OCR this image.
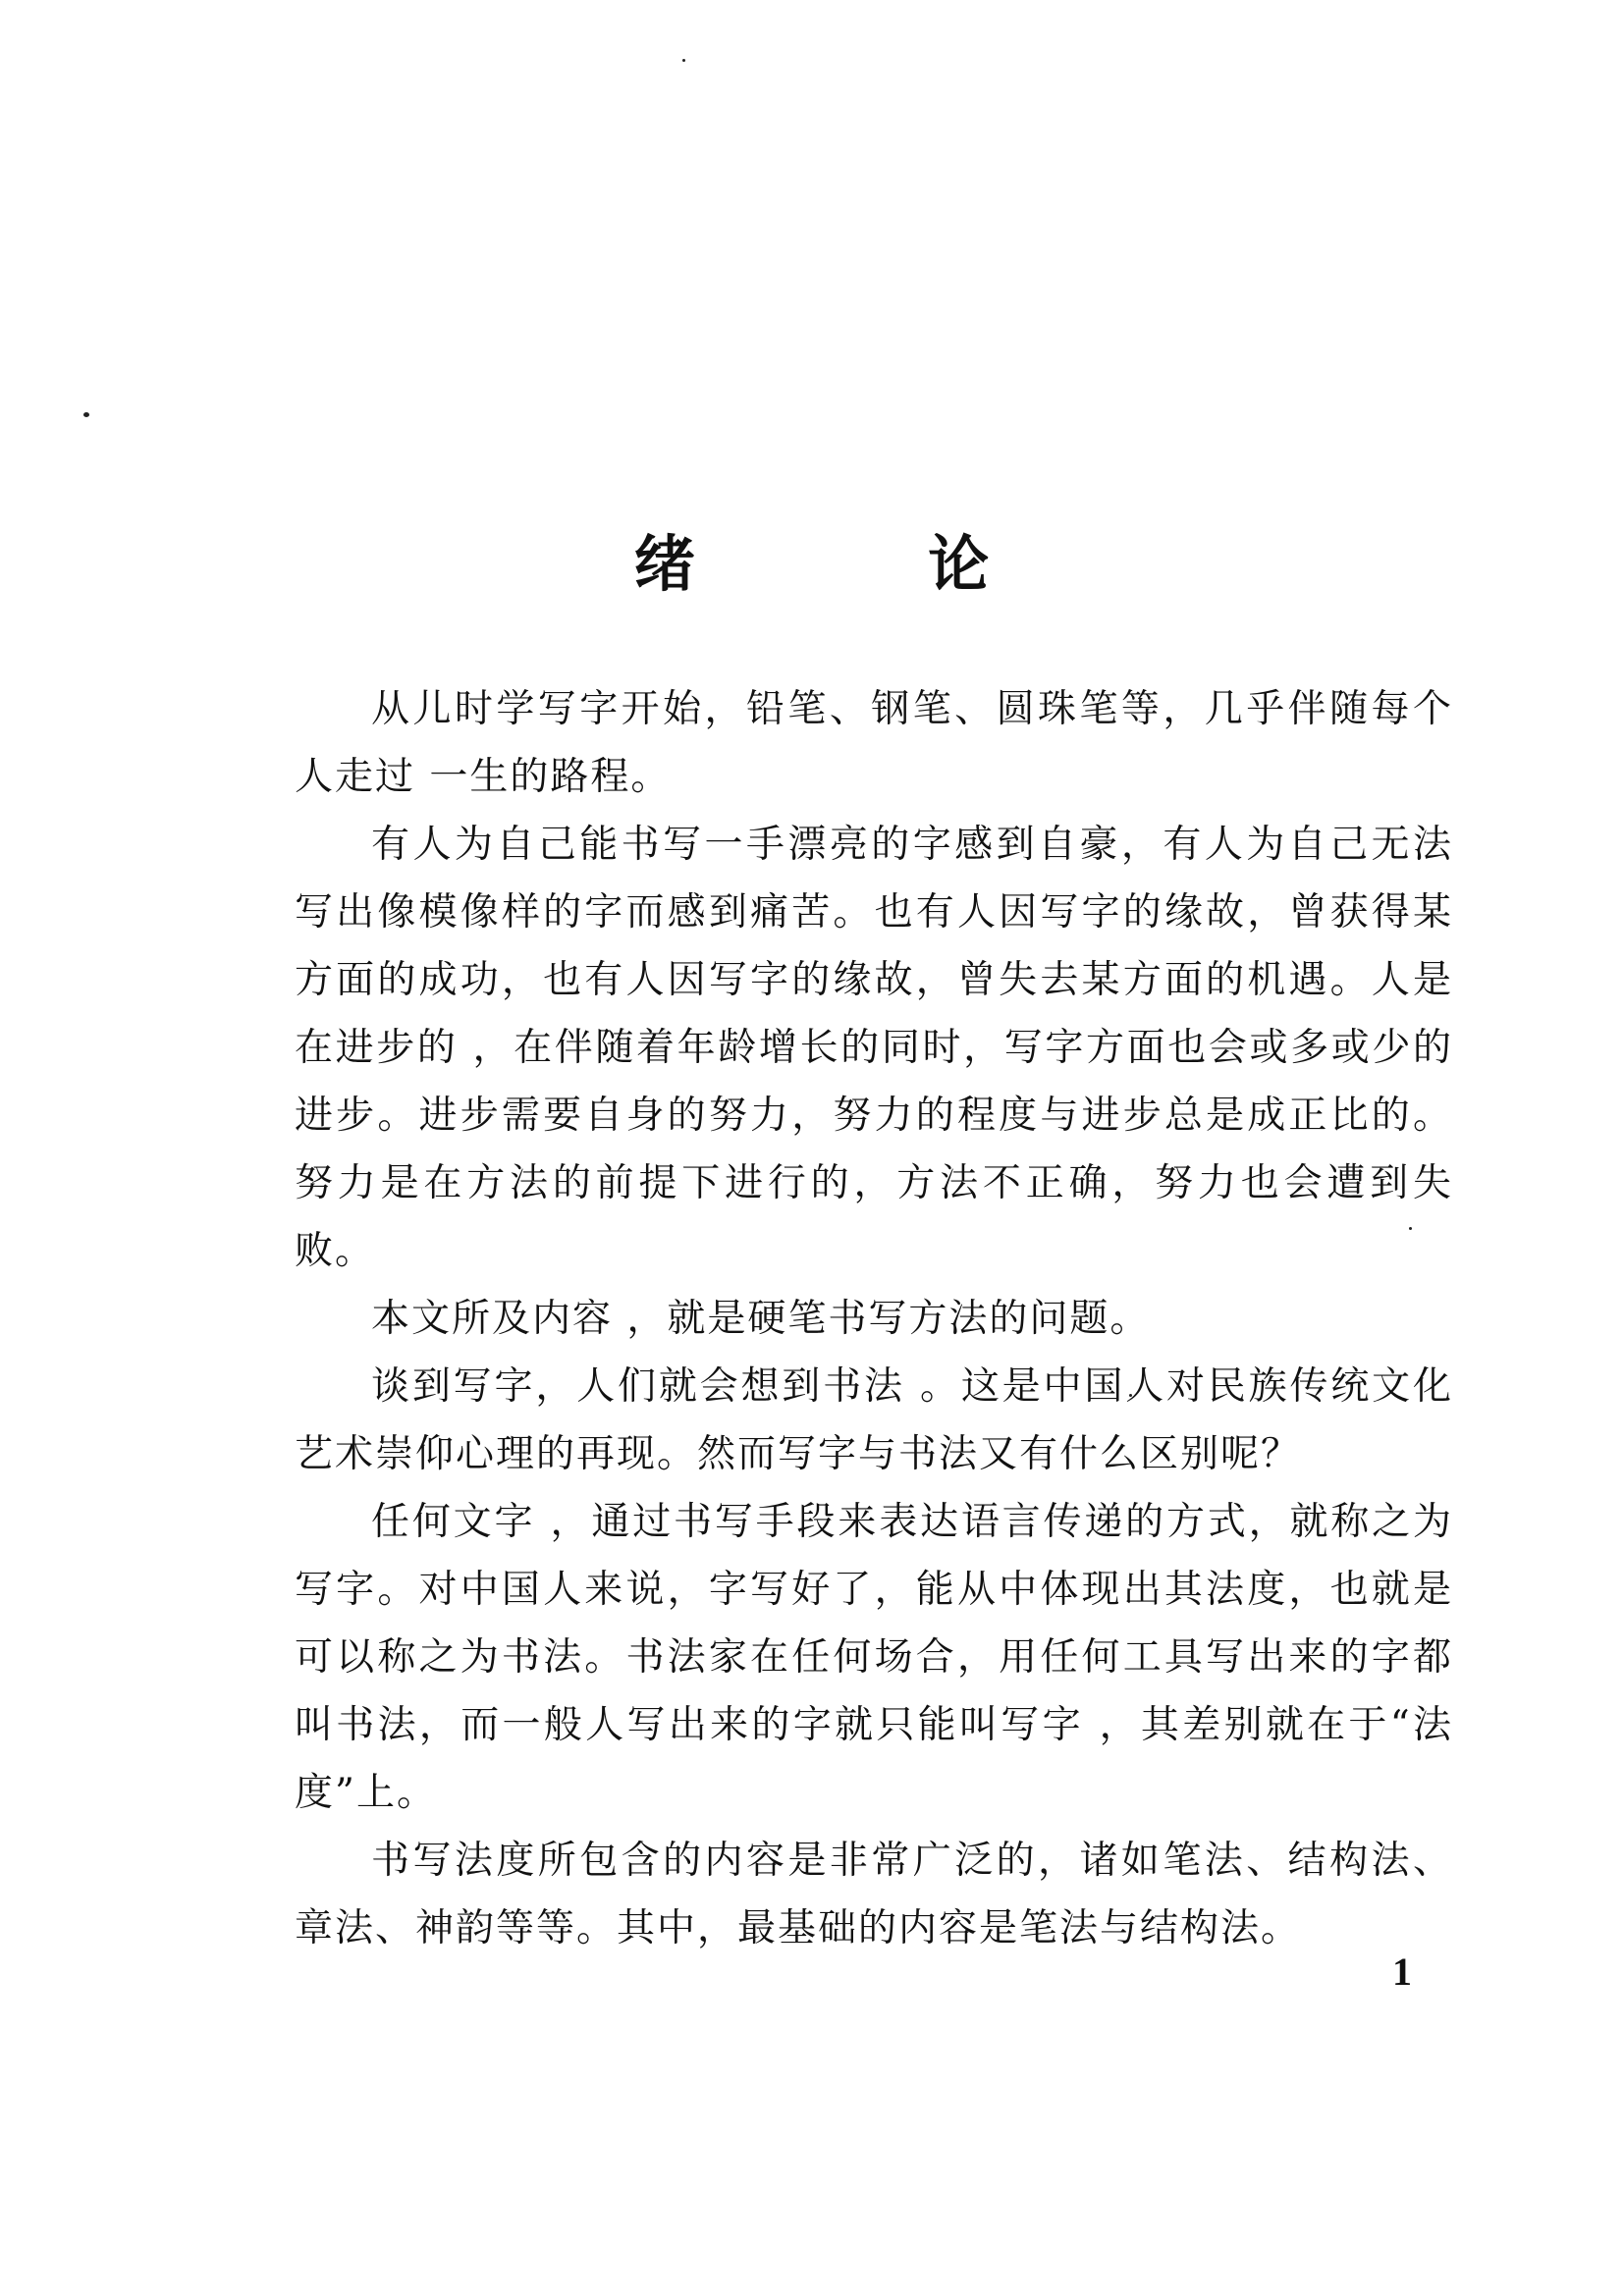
绪 论

从儿时学写字开始，铅笔、钢笔、圆珠笔等，几乎伴随每个人走过 一生的路程。

有人为自己能书写一手漂亮的字感到自豪，有人为自己无法写出像模像样的字而感到痛苦。也有人因写字的缘故，曾获得某方面的成功，也有人因写字的缘故，曾失去某方面的机遇。人是在进步的 ，在伴随着年龄增长的同时，写字方面也会或多或少的进步。进步需要自身的努力，努力的程度与进步总是成正比的。努力是在方法的前提下进行的，方法不正确，努力也会遭到失败。

本文所及内容 ，就是硬笔书写方法的问题。

谈到写字，人们就会想到书法 。这是中国人对民族传统文化艺术崇仰心理的再现。然而写字与书法又有什么区别呢？

任何文字 ，通过书写手段来表达语言传递的方式，就称之为写字。对中国人来说，字写好了，能从中体现出其法度，也就是可以称之为书法。书法家在任何场合，用任何工具写出来的字都叫书法，而一般人写出来的字就只能叫写字 ，其差别就在于“法度”上。

书写法度所包含的内容是非常广泛的，诸如笔法、结构法、章法、神韵等等。其中，最基础的内容是笔法与结构法。

1
